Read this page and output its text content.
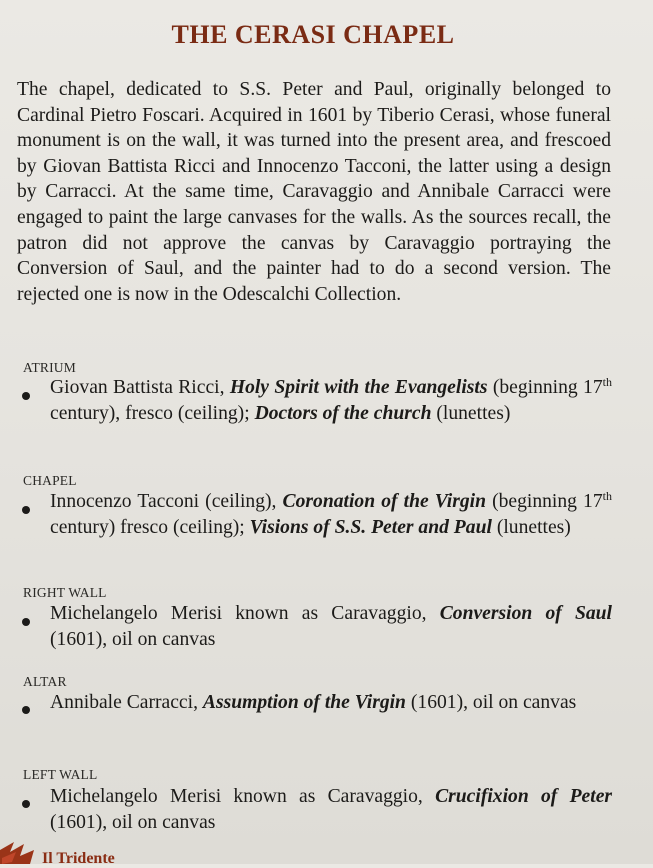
THE CERASI CHAPEL

The chapel, dedicated to S.S. Peter and Paul, originally belonged to Cardinal Pietro Foscari. Acquired in 1601 by Tiberio Cerasi, whose funeral monument is on the wall, it was turned into the present area, and frescoed by Giovan Battista Ricci and Innocenzo Tacconi, the latter using a design by Carracci. At the same time, Caravaggio and Annibale Carracci were engaged to paint the large canvases for the walls. As the sources recall, the patron did not approve the canvas by Caravaggio portraying the Conversion of Saul, and the painter had to do a second version. The rejected one is now in the Odescalchi Collection.

ATRIUM
Giovan Battista Ricci, Holy Spirit with the Evangelists (beginning 17th century), fresco (ceiling); Doctors of the church (lunettes)
CHAPEL
Innocenzo Tacconi (ceiling), Coronation of the Virgin (beginning 17th century) fresco (ceiling); Visions of S.S. Peter and Paul (lunettes)
RIGHT WALL
Michelangelo Merisi known as Caravaggio, Conversion of Saul (1601), oil on canvas
ALTAR
Annibale Carracci, Assumption of the Virgin (1601), oil on canvas
LEFT WALL
Michelangelo Merisi known as Caravaggio, Crucifixion of Peter (1601), oil on canvas
Il Tridente
